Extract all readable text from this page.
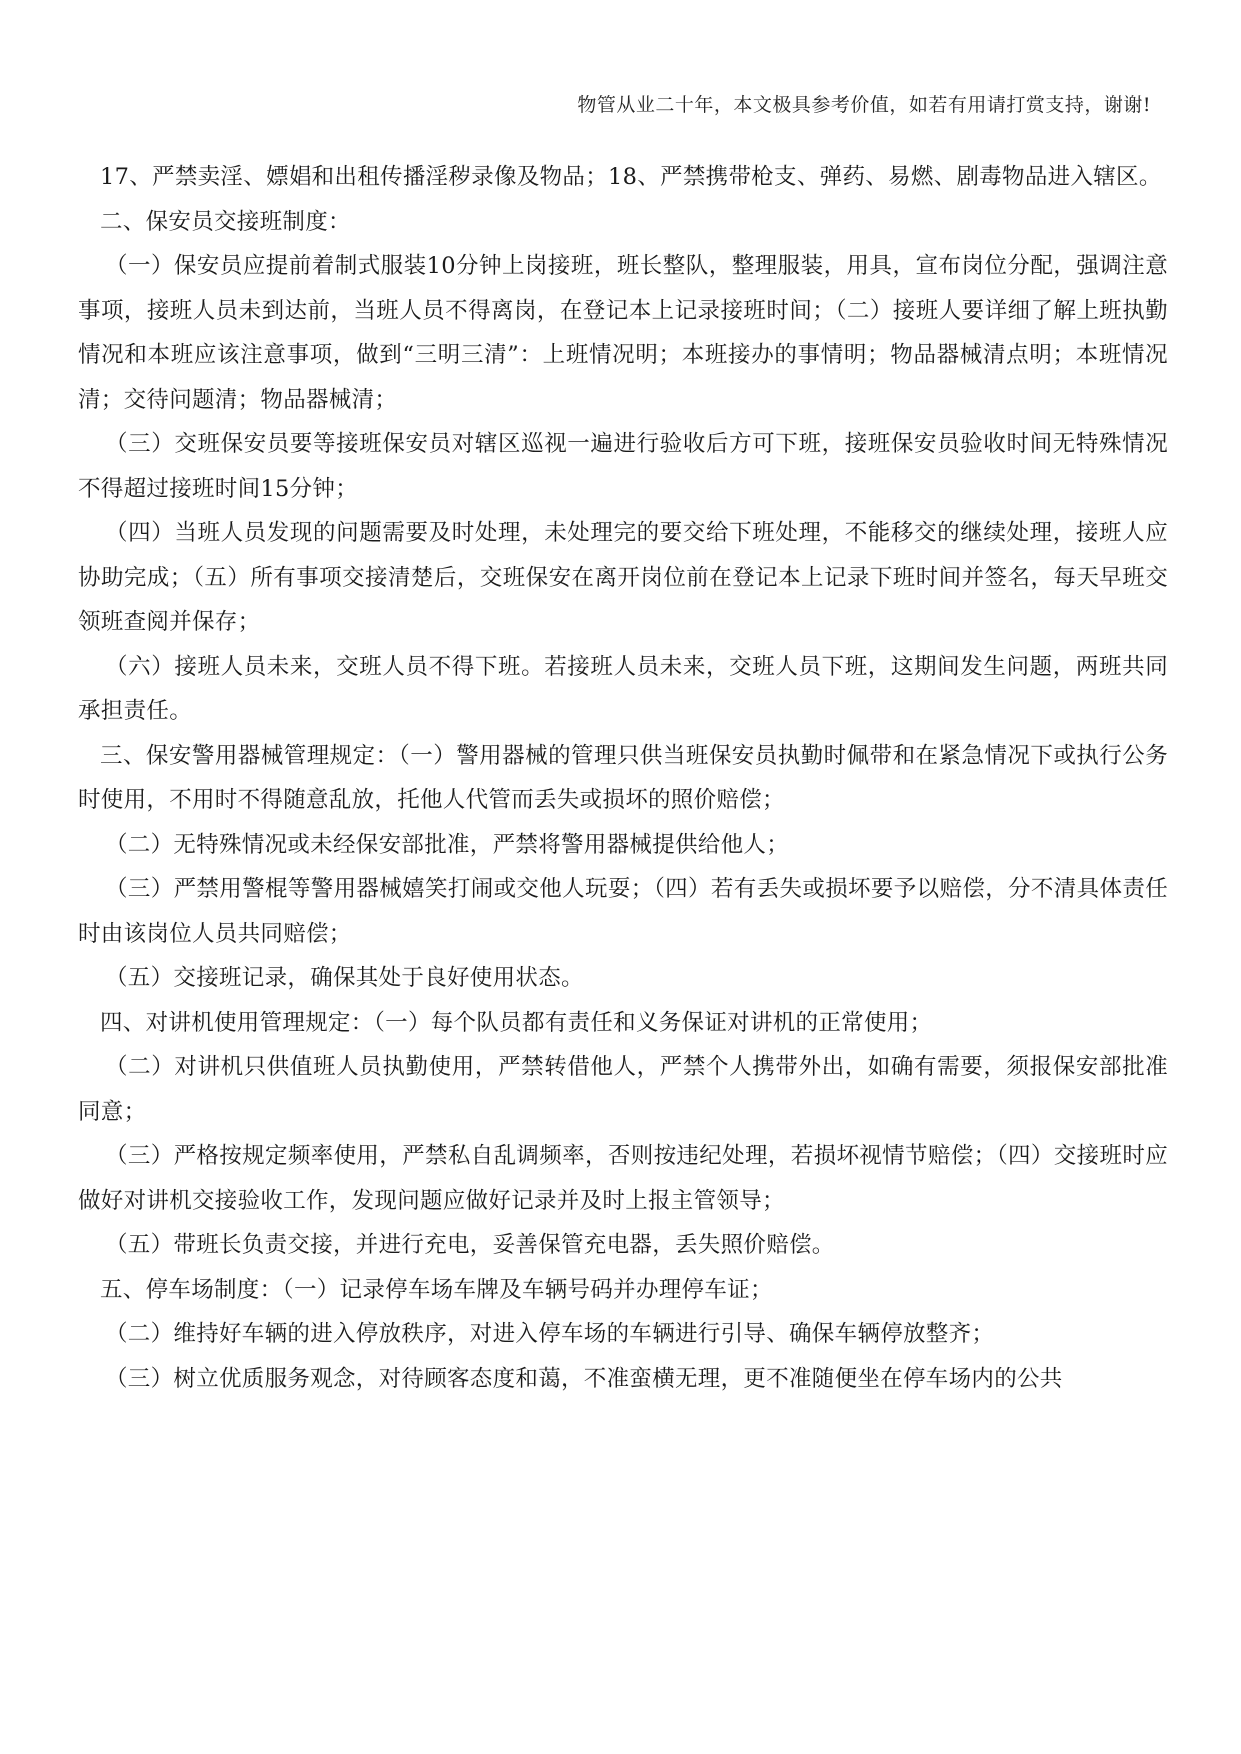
物管从业二十年，本文极具参考价值，如若有用请打赏支持，谢谢!

17、严禁卖淫、嫖娼和出租传播淫秽录像及物品；18、严禁携带枪支、弹药、易燃、剧毒物品进入辖区。

二、保安员交接班制度：

（一）保安员应提前着制式服装10分钟上岗接班，班长整队，整理服装，用具，宣布岗位分配，强调注意事项，接班人员未到达前，当班人员不得离岗，在登记本上记录接班时间；（二）接班人要详细了解上班执勤情况和本班应该注意事项，做到“三明三清”：上班情况明；本班接办的事情明；物品器械清点明；本班情况清；交待问题清；物品器械清；

（三）交班保安员要等接班保安员对辖区巡视一遍进行验收后方可下班，接班保安员验收时间无特殊情况不得超过接班时间15分钟；

（四）当班人员发现的问题需要及时处理，未处理完的要交给下班处理，不能移交的继续处理，接班人应协助完成；（五）所有事项交接清楚后，交班保安在离开岗位前在登记本上记录下班时间并签名，每天早班交领班查阅并保存；

（六）接班人员未来，交班人员不得下班。若接班人员未来，交班人员下班，这期间发生问题，两班共同承担责任。

三、保安警用器械管理规定：（一）警用器械的管理只供当班保安员执勤时佩带和在紧急情况下或执行公务时使用，不用时不得随意乱放，托他人代管而丢失或损坏的照价赔偿；

（二）无特殊情况或未经保安部批准，严禁将警用器械提供给他人；

（三）严禁用警棍等警用器械嬉笑打闹或交他人玩耍；（四）若有丢失或损坏要予以赔偿，分不清具体责任时由该岗位人员共同赔偿；

（五）交接班记录，确保其处于良好使用状态。

四、对讲机使用管理规定：（一）每个队员都有责任和义务保证对讲机的正常使用；

（二）对讲机只供值班人员执勤使用，严禁转借他人，严禁个人携带外出，如确有需要，须报保安部批准同意；

（三）严格按规定频率使用，严禁私自乱调频率，否则按违纪处理，若损坏视情节赔偿；（四）交接班时应做好对讲机交接验收工作，发现问题应做好记录并及时上报主管领导；

（五）带班长负责交接，并进行充电，妥善保管充电器，丢失照价赔偿。

五、停车场制度：（一）记录停车场车牌及车辆号码并办理停车证；

（二）维持好车辆的进入停放秩序，对进入停车场的车辆进行引导、确保车辆停放整齐；

（三）树立优质服务观念，对待顾客态度和蔼，不准蛮横无理，更不准随便坐在停车场内的公共
